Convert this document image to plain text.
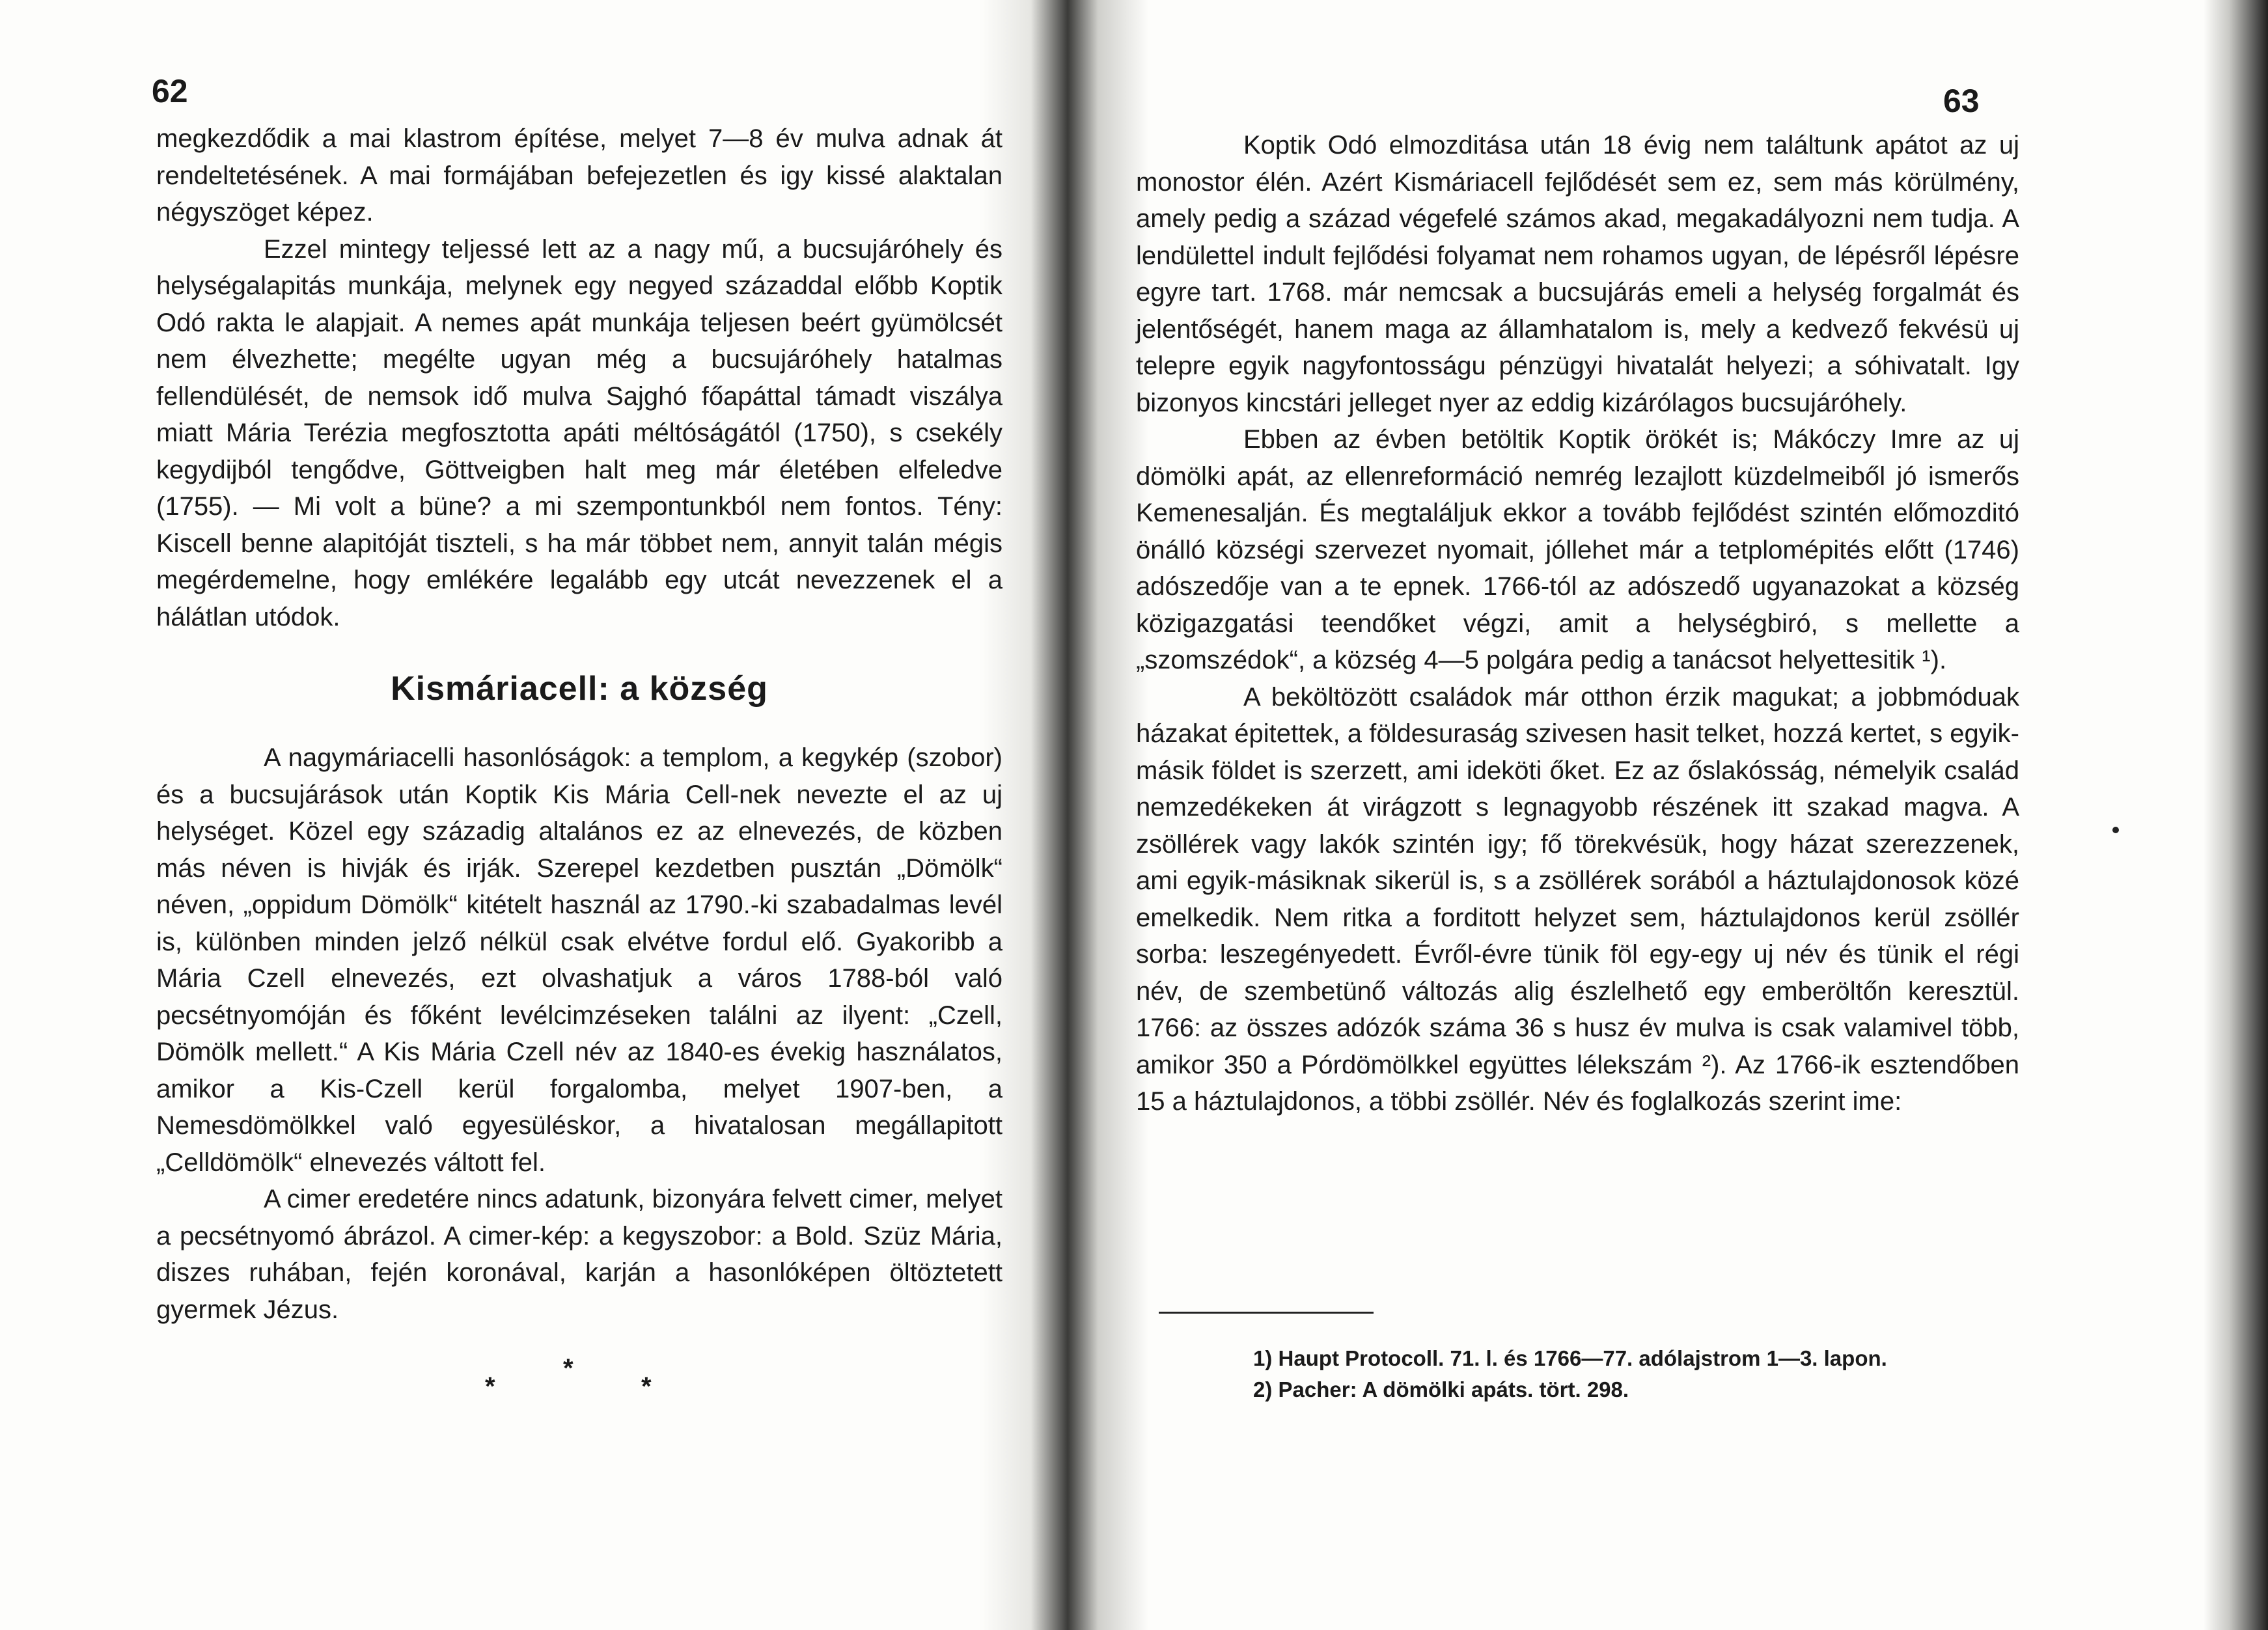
62

megkezdődik a mai klastrom építése, melyet 7—8 év mulva adnak át rendeltetésének. A mai formájában befejezetlen és igy kissé alaktalan négyszöget képez.

Ezzel mintegy teljessé lett az a nagy mű, a bucsujáróhely és helységalapitás munkája, melynek egy negyed századdal előbb Koptik Odó rakta le alapjait. A nemes apát munkája teljesen beért gyümölcsét nem élvezhette; megélte ugyan még a bucsujáróhely hatalmas fellendülését, de nemsok idő mulva Sajghó főapáttal támadt viszálya miatt Mária Terézia megfosztotta apáti méltóságától (1750), s csekély kegydijból tengődve, Göttveigben halt meg már életében elfeledve (1755). — Mi volt a büne? a mi szempontunkból nem fontos. Tény: Kiscell benne alapitóját tiszteli, s ha már többet nem, annyit talán mégis megérdemelne, hogy emlékére legalább egy utcát nevezzenek el a hálátlan utódok.

Kismáriacell: a község

A nagymáriacelli hasonlóságok: a templom, a kegykép (szobor) és a bucsujárások után Koptik Kis Mária Cell-nek nevezte el az uj helységet. Közel egy századig altalános ez az elnevezés, de közben más néven is hivják és irják. Szerepel kezdetben pusztán „Dömölk“ néven, „oppidum Dömölk“ kitételt használ az 1790.-ki szabadalmas levél is, különben minden jelző nélkül csak elvétve fordul elő. Gyakoribb a Mária Czell elnevezés, ezt olvashatjuk a város 1788-ból való pecsétnyomóján és főként levélcimzéseken találni az ilyent: „Czell, Dömölk mellett.“ A Kis Mária Czell név az 1840-es évekig használatos, amikor a Kis-Czell kerül forgalomba, melyet 1907-ben, a Nemesdömölkkel való egyesüléskor, a hivatalosan megállapitott „Celldömölk“ elnevezés váltott fel.

A cimer eredetére nincs adatunk, bizonyára felvett cimer, melyet a pecsétnyomó ábrázol. A cimer-kép: a kegyszobor: a Bold. Szüz Mária, diszes ruhában, fején koronával, karján a hasonlóképen öltöztetett gyermek Jézus.

*
*
*
63

Koptik Odó elmozditása után 18 évig nem találtunk apátot az uj monostor élén. Azért Kismáriacell fejlődését sem ez, sem más körülmény, amely pedig a század végefelé számos akad, megakadályozni nem tudja. A lendülettel indult fejlődési folyamat nem rohamos ugyan, de lépésről lépésre egyre tart. 1768. már nemcsak a bucsujárás emeli a helység forgalmát és jelentőségét, hanem maga az államhatalom is, mely a kedvező fekvésü uj telepre egyik nagyfontosságu pénzügyi hivatalát helyezi; a sóhivatalt. Igy bizonyos kincstári jelleget nyer az eddig kizárólagos bucsujáróhely.

Ebben az évben betöltik Koptik örökét is; Mákóczy Imre az uj dömölki apát, az ellenreformáció nemrég lezajlott küzdelmeiből jó ismerős Kemenesalján. És megtaláljuk ekkor a tovább fejlődést szintén előmozditó önálló községi szervezet nyomait, jóllehet már a tetplomépités előtt (1746) adószedője van a te epnek. 1766-tól az adószedő ugyanazokat a község közigazgatási teendőket végzi, amit a helységbiró, s mellette a „szomszédok“, a község 4—5 polgára pedig a tanácsot helyettesitik ¹).

A beköltözött családok már otthon érzik magukat; a jobbmóduak házakat épitettek, a földesuraság szivesen hasit telket, hozzá kertet, s egyik-másik földet is szerzett, ami ideköti őket. Ez az őslakósság, némelyik család nemzedékeken át virágzott s legnagyobb részének itt szakad magva. A zsöllérek vagy lakók szintén igy; fő törekvésük, hogy házat szerezzenek, ami egyik-másiknak sikerül is, s a zsöllérek sorából a háztulajdonosok közé emelkedik. Nem ritka a forditott helyzet sem, háztulajdonos kerül zsöllér sorba: leszegényedett. Évről-évre tünik föl egy-egy uj név és tünik el régi név, de szembetünő változás alig észlelhető egy emberöltőn keresztül. 1766: az összes adózók száma 36 s husz év mulva is csak valamivel több, amikor 350 a Pórdömölkkel együttes lélekszám ²). Az 1766-ik esztendőben 15 a háztulajdonos, a többi zsöllér. Név és foglalkozás szerint ime:

1) Haupt Protocoll. 71. l. és 1766—77. adólajstrom 1—3. lapon.
2) Pacher: A dömölki apáts. tört. 298.
